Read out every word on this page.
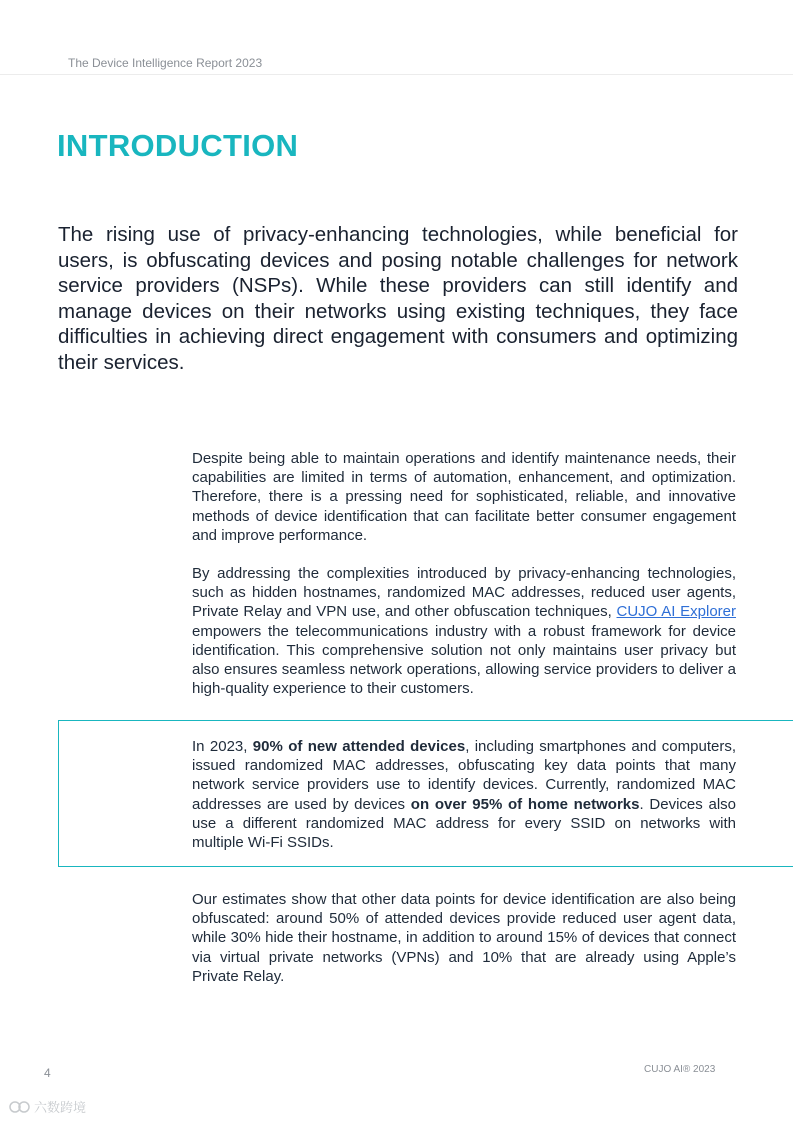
The Device Intelligence Report 2023
INTRODUCTION

The rising use of privacy-enhancing technologies, while beneficial for users, is obfuscating devices and posing notable challenges for network service providers (NSPs). While these providers can still identify and manage devices on their networks using existing techniques, they face difficulties in achieving direct engagement with consumers and optimizing their services.

Despite being able to maintain operations and identify maintenance needs, their capabilities are limited in terms of automation, enhancement, and optimization. Therefore, there is a pressing need for sophisticated, reliable, and innovative methods of device identification that can facilitate better consumer engagement and improve performance.

By addressing the complexities introduced by privacy-enhancing technologies, such as hidden hostnames, randomized MAC addresses, reduced user agents, Private Relay and VPN use, and other obfuscation techniques, CUJO AI Explorer empowers the telecommunications industry with a robust framework for device identification. This comprehensive solution not only maintains user privacy but also ensures seamless network operations, allowing service providers to deliver a high-quality experience to their customers.

In 2023, 90% of new attended devices, including smartphones and computers, issued randomized MAC addresses, obfuscating key data points that many network service providers use to identify devices. Currently, randomized MAC addresses are used by devices on over 95% of home networks. Devices also use a different randomized MAC address for every SSID on networks with multiple Wi-Fi SSIDs.

Our estimates show that other data points for device identification are also being obfuscated: around 50% of attended devices provide reduced user agent data, while 30% hide their hostname, in addition to around 15% of devices that connect via virtual private networks (VPNs) and 10% that are already using Apple’s Private Relay.

4	CUJO AI® 2023
六数跨境
